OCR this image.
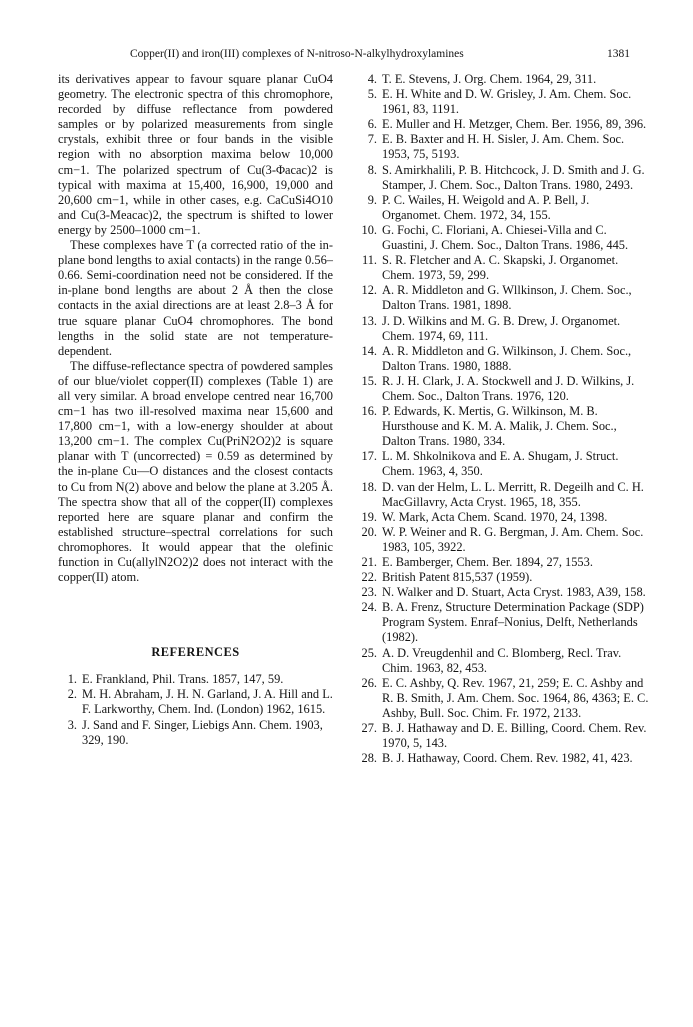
Copper(II) and iron(III) complexes of N-nitroso-N-alkylhydroxylamines	1381

its derivatives appear to favour square planar CuO4 geometry. The electronic spectra of this chromophore, recorded by diffuse reflectance from powdered samples or by polarized measurements from single crystals, exhibit three or four bands in the visible region with no absorption maxima below 10,000 cm−1. The polarized spectrum of Cu(3-Φacac)2 is typical with maxima at 15,400, 16,900, 19,000 and 20,600 cm−1, while in other cases, e.g. CaCuSi4O10 and Cu(3-Meacac)2, the spectrum is shifted to lower energy by 2500–1000 cm−1.

These complexes have T (a corrected ratio of the in-plane bond lengths to axial contacts) in the range 0.56–0.66. Semi-coordination need not be considered. If the in-plane bond lengths are about 2 Å then the close contacts in the axial directions are at least 2.8–3 Å for true square planar CuO4 chromophores. The bond lengths in the solid state are not temperature-dependent.

The diffuse-reflectance spectra of powdered samples of our blue/violet copper(II) complexes (Table 1) are all very similar. A broad envelope centred near 16,700 cm−1 has two ill-resolved maxima near 15,600 and 17,800 cm−1, with a low-energy shoulder at about 13,200 cm−1. The complex Cu(PriN2O2)2 is square planar with T (uncorrected) = 0.59 as determined by the in-plane Cu—O distances and the closest contacts to Cu from N(2) above and below the plane at 3.205 Å. The spectra show that all of the copper(II) complexes reported here are square planar and confirm the established structure–spectral correlations for such chromophores. It would appear that the olefinic function in Cu(allylN2O2)2 does not interact with the copper(II) atom.

REFERENCES
1. E. Frankland, Phil. Trans. 1857, 147, 59.
2. M. H. Abraham, J. H. N. Garland, J. A. Hill and L. F. Larkworthy, Chem. Ind. (London) 1962, 1615.
3. J. Sand and F. Singer, Liebigs Ann. Chem. 1903, 329, 190.
4. T. E. Stevens, J. Org. Chem. 1964, 29, 311.
5. E. H. White and D. W. Grisley, J. Am. Chem. Soc. 1961, 83, 1191.
6. E. Muller and H. Metzger, Chem. Ber. 1956, 89, 396.
7. E. B. Baxter and H. H. Sisler, J. Am. Chem. Soc. 1953, 75, 5193.
8. S. Amirkhalili, P. B. Hitchcock, J. D. Smith and J. G. Stamper, J. Chem. Soc., Dalton Trans. 1980, 2493.
9. P. C. Wailes, H. Weigold and A. P. Bell, J. Organomet. Chem. 1972, 34, 155.
10. G. Fochi, C. Floriani, A. Chiesei-Villa and C. Guastini, J. Chem. Soc., Dalton Trans. 1986, 445.
11. S. R. Fletcher and A. C. Skapski, J. Organomet. Chem. 1973, 59, 299.
12. A. R. Middleton and G. Wllkinson, J. Chem. Soc., Dalton Trans. 1981, 1898.
13. J. D. Wilkins and M. G. B. Drew, J. Organomet. Chem. 1974, 69, 111.
14. A. R. Middleton and G. Wilkinson, J. Chem. Soc., Dalton Trans. 1980, 1888.
15. R. J. H. Clark, J. A. Stockwell and J. D. Wilkins, J. Chem. Soc., Dalton Trans. 1976, 120.
16. P. Edwards, K. Mertis, G. Wilkinson, M. B. Hursthouse and K. M. A. Malik, J. Chem. Soc., Dalton Trans. 1980, 334.
17. L. M. Shkolnikova and E. A. Shugam, J. Struct. Chem. 1963, 4, 350.
18. D. van der Helm, L. L. Merritt, R. Degeilh and C. H. MacGillavry, Acta Cryst. 1965, 18, 355.
19. W. Mark, Acta Chem. Scand. 1970, 24, 1398.
20. W. P. Weiner and R. G. Bergman, J. Am. Chem. Soc. 1983, 105, 3922.
21. E. Bamberger, Chem. Ber. 1894, 27, 1553.
22. British Patent 815,537 (1959).
23. N. Walker and D. Stuart, Acta Cryst. 1983, A39, 158.
24. B. A. Frenz, Structure Determination Package (SDP) Program System. Enraf–Nonius, Delft, Netherlands (1982).
25. A. D. Vreugdenhil and C. Blomberg, Recl. Trav. Chim. 1963, 82, 453.
26. E. C. Ashby, Q. Rev. 1967, 21, 259; E. C. Ashby and R. B. Smith, J. Am. Chem. Soc. 1964, 86, 4363; E. C. Ashby, Bull. Soc. Chim. Fr. 1972, 2133.
27. B. J. Hathaway and D. E. Billing, Coord. Chem. Rev. 1970, 5, 143.
28. B. J. Hathaway, Coord. Chem. Rev. 1982, 41, 423.
